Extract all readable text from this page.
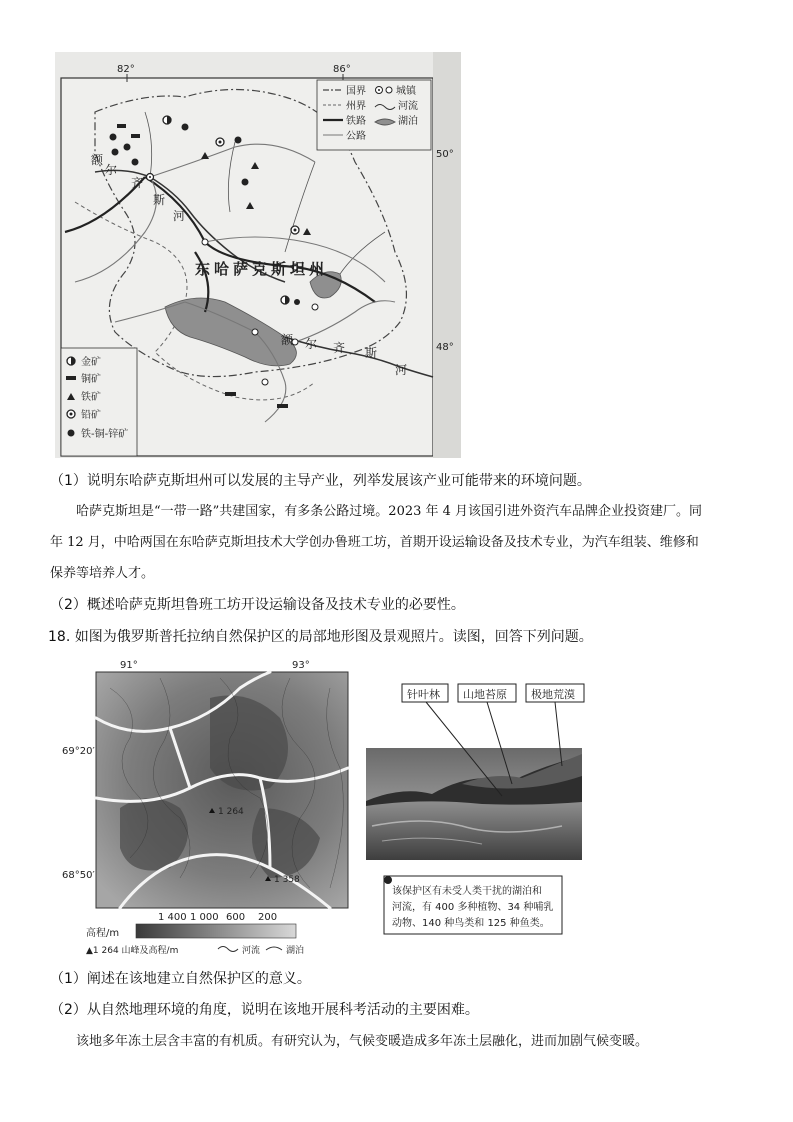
82°	86°
50°
48°
东哈萨克斯坦州
额
尔
齐
斯
河
额 尔 齐 斯
河
国界
州界
铁路
公路
城镇
河流
湖泊
金矿
铜矿
铁矿
铅矿
铁-铜-锌矿
（1）说明东哈萨克斯坦州可以发展的主导产业，列举发展该产业可能带来的环境问题。
哈萨克斯坦是“一带一路”共建国家，有多条公路过境。2023 年 4 月该国引进外资汽车品牌企业投资建厂。同
年 12 月，中哈两国在东哈萨克斯坦技术大学创办鲁班工坊，首期开设运输设备及技术专业，为汽车组装、维修和
保养等培养人才。
（2）概述哈萨克斯坦鲁班工坊开设运输设备及技术专业的必要性。
18. 如图为俄罗斯普托拉纳自然保护区的局部地形图及景观照片。读图，回答下列问题。
91°	93°
69°20′
68°50′
1 264
1 358
1 400 1 000 600 200
高程/m
▲1 264 山峰及高程/m	河流	湖泊
针叶林 山地苔原 极地荒漠
该保护区有未受人类干扰的湖泊和
河流，有 400 多种植物、34 种哺乳
动物、140 种鸟类和 125 种鱼类。
（1）阐述在该地建立自然保护区的意义。
（2）从自然地理环境的角度，说明在该地开展科考活动的主要困难。
该地多年冻土层含丰富的有机质。有研究认为，气候变暖造成多年冻土层融化，进而加剧气候变暖。
